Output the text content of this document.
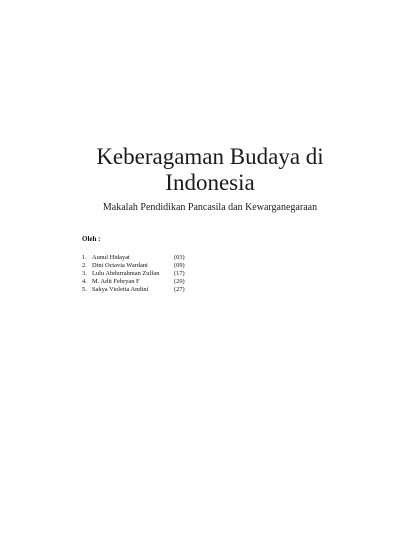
Keberagaman Budaya di
Indonesia
Makalah Pendidikan Pancasila dan Kewarganegaraan
Oleh :
1. Aunul Hidayat	(03)
2. Dini Octavia Wardani	(09)
3. Lulu Abdurrahman Zulfan (17)
4. M. Adit Febryan F	(20)
5. Sakya Violetta Andini	(27)
